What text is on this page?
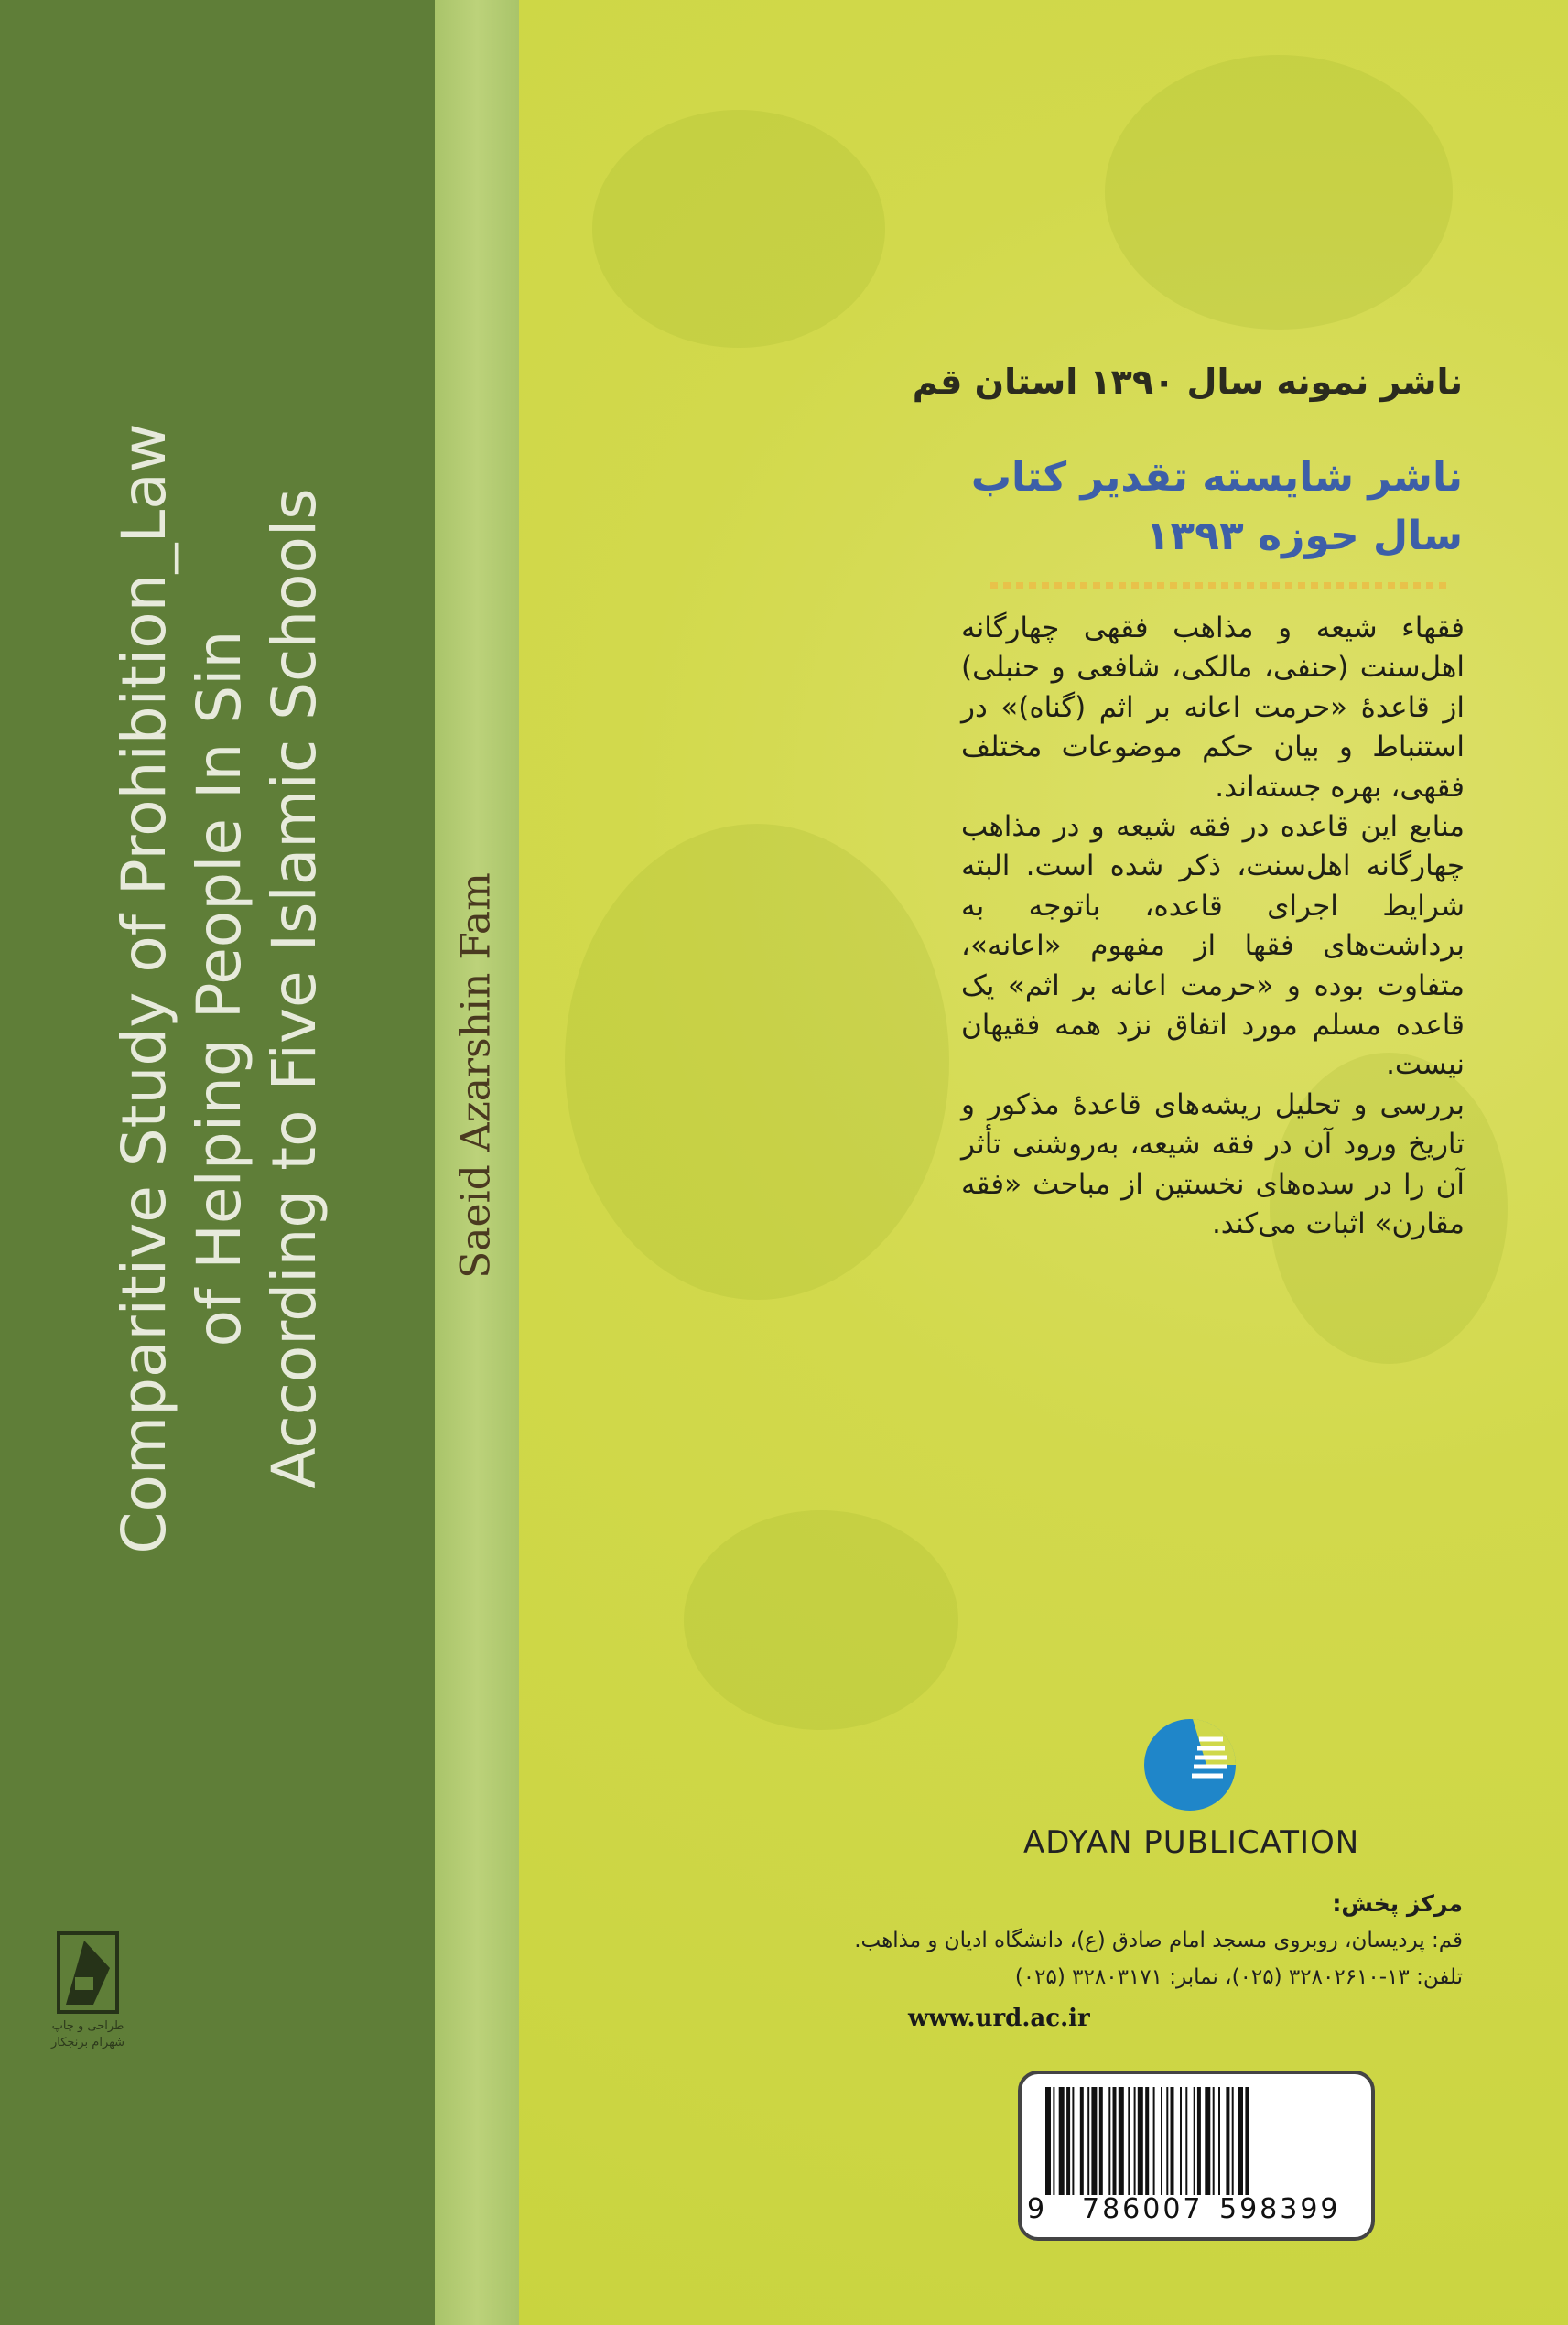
Comparitive Study of Prohibition_Law of Helping People In Sin According to Five Islamic Schools	Saeid Azarshin Fam
طراحی و چاپ
شهرام برنجکار
ناشر نمونه سال ۱۳۹۰ استان قم
ناشر شایسته تقدیر کتاب
سال حوزه ۱۳۹۳

فقهاء شیعه و مذاهب فقهی چهارگانه اهل‌سنت (حنفی، مالکی، شافعی و حنبلی) از قاعدهٔ «حرمت اعانه بر اثم (گناه)» در استنباط و بیان حکم موضوعات مختلف فقهی، بهره جسته‌اند.

منابع این قاعده در فقه شیعه و در مذاهب چهارگانه اهل‌سنت، ذکر شده است. البته شرایط اجرای قاعده، باتوجه به برداشت‌های فقها از مفهوم «اعانه»، متفاوت بوده و «حرمت اعانه بر اثم» یک قاعده مسلم مورد اتفاق نزد همه فقیهان نیست.

بررسی و تحلیل ریشه‌های قاعدهٔ مذکور و تاریخ ورود آن در فقه شیعه، به‌روشنی تأثر آن را در سده‌های نخستین از مباحث «فقه مقارن» اثبات می‌کند.

ADYAN PUBLICATION
مرکز پخش:
قم: پردیسان، روبروی مسجد امام صادق (ع)، دانشگاه ادیان و مذاهب.
تلفن: ۱۳-۳۲۸۰۲۶۱۰ (۰۲۵)، نمابر: ۳۲۸۰۳۱۷۱ (۰۲۵)
www.urd.ac.ir
9 786007 598399
